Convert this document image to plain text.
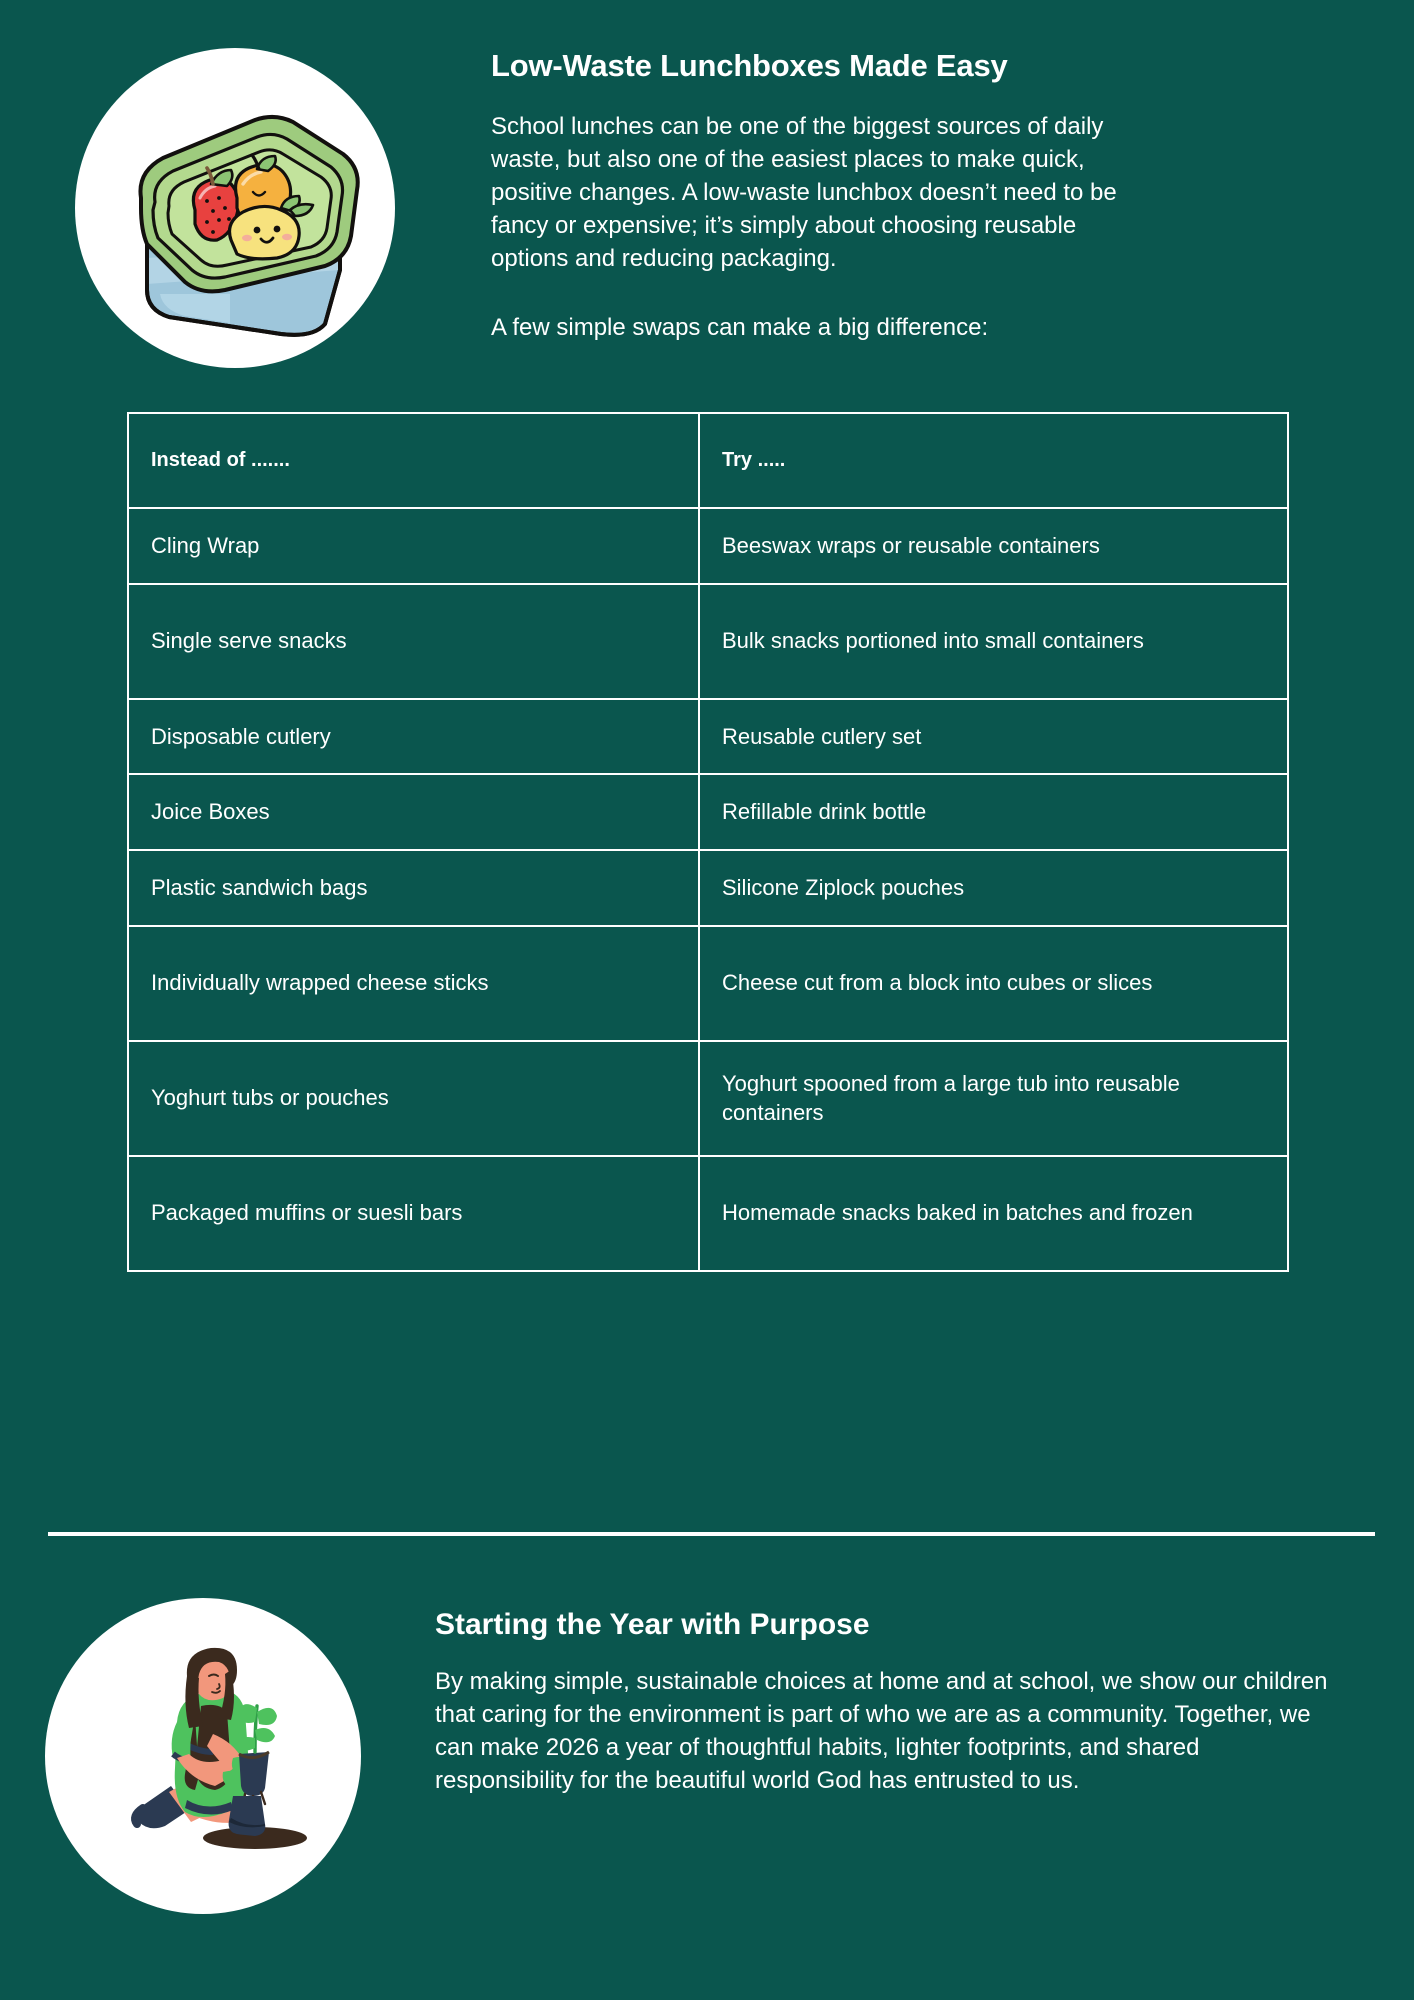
Low-Waste Lunchboxes Made Easy

School lunches can be one of the biggest sources of daily waste, but also one of the easiest places to make quick, positive changes. A low-waste lunchbox doesn’t need to be fancy or expensive; it’s simply about choosing reusable options and reducing packaging.

A few simple swaps can make a big difference:

Instead of .......	Try .....
Cling Wrap	Beeswax wraps or reusable containers
Single serve snacks	Bulk snacks portioned into small containers
Disposable cutlery	Reusable cutlery set
Joice Boxes	Refillable drink bottle
Plastic sandwich bags	Silicone Ziplock pouches
Individually wrapped cheese sticks	Cheese cut from a block into cubes or slices
Yoghurt tubs or pouches	Yoghurt spooned from a large tub into reusable containers
Packaged muffins or suesli bars	Homemade snacks baked in batches and frozen
Starting the Year with Purpose

By making simple, sustainable choices at home and at school, we show our children that caring for the environment is part of who we are as a community. Together, we can make 2026 a year of thoughtful habits, lighter footprints, and shared responsibility for the beautiful world God has entrusted to us.
